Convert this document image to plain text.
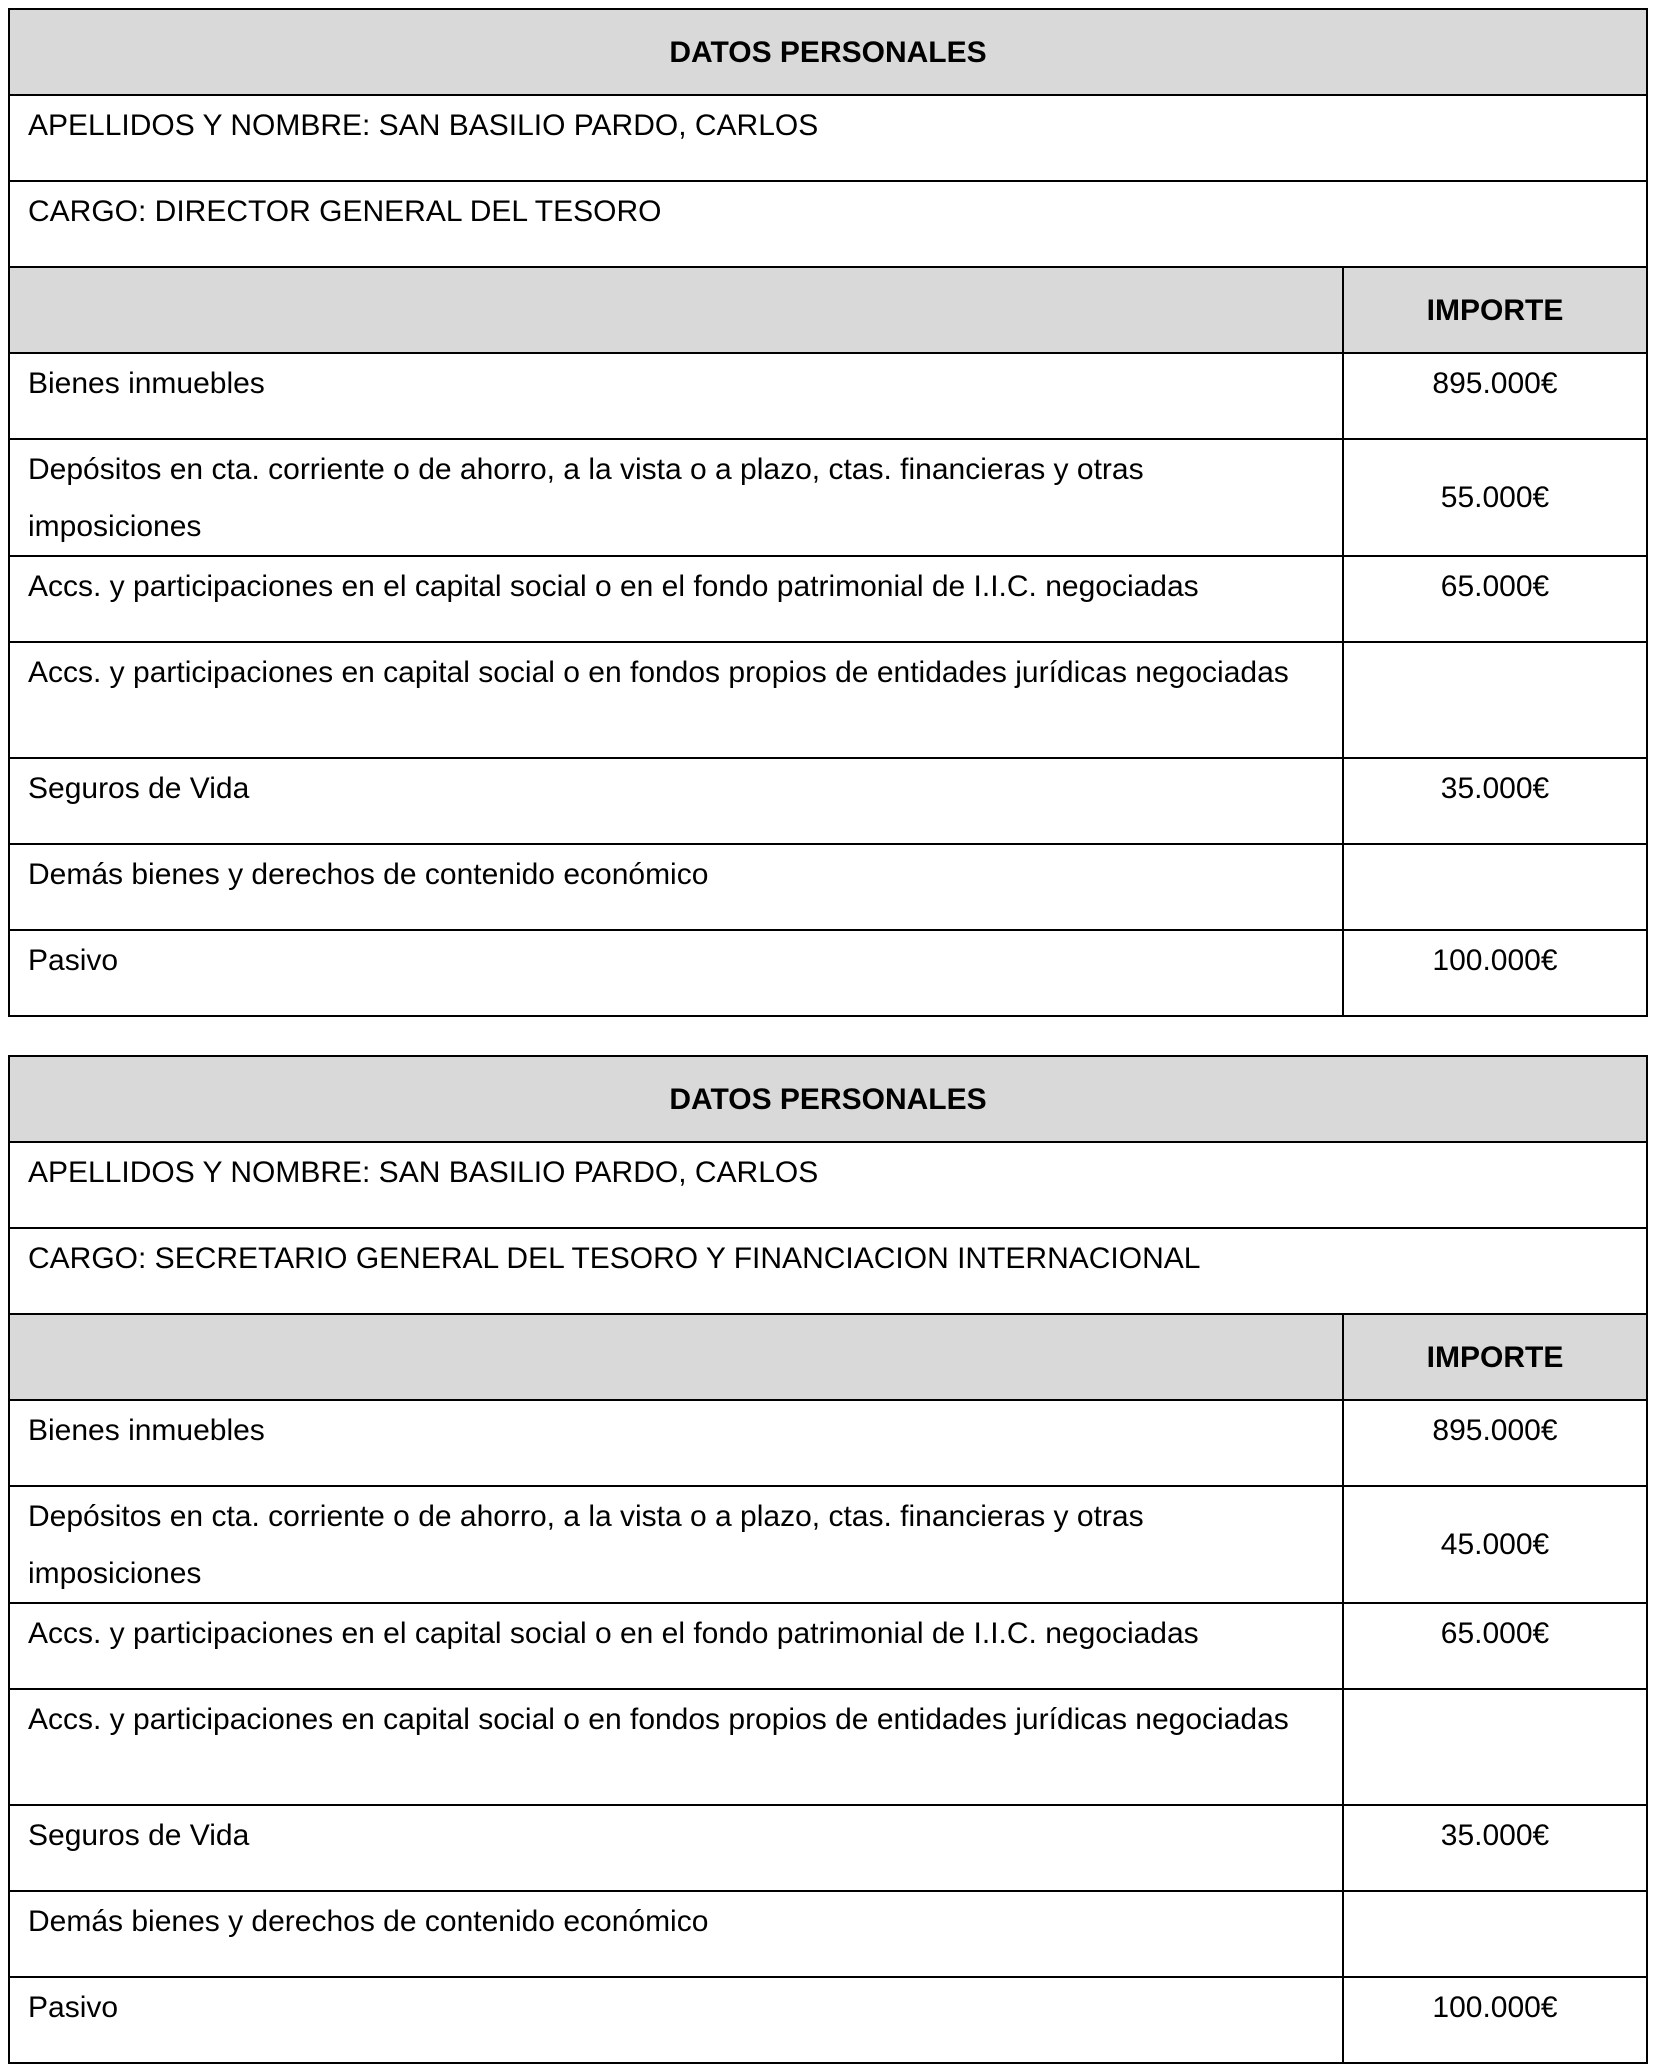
DATOS PERSONALES	
APELLIDOS Y NOMBRE: SAN BASILIO PARDO, CARLOS	
CARGO: DIRECTOR GENERAL DEL TESORO	
	IMPORTE
Bienes inmuebles	895.000€
Depósitos en cta. corriente o de ahorro, a la vista o a plazo, ctas. financieras y otras imposiciones	55.000€
Accs. y participaciones en el capital social o en el fondo patrimonial de I.I.C. negociadas	65.000€
Accs. y participaciones en capital social o en fondos propios de entidades jurídicas negociadas	
Seguros de Vida	35.000€
Demás bienes y derechos de contenido económico	
Pasivo	100.000€
DATOS PERSONALES	
APELLIDOS Y NOMBRE: SAN BASILIO PARDO, CARLOS	
CARGO: SECRETARIO GENERAL DEL TESORO Y FINANCIACION INTERNACIONAL	
	IMPORTE
Bienes inmuebles	895.000€
Depósitos en cta. corriente o de ahorro, a la vista o a plazo, ctas. financieras y otras imposiciones	45.000€
Accs. y participaciones en el capital social o en el fondo patrimonial de I.I.C. negociadas	65.000€
Accs. y participaciones en capital social o en fondos propios de entidades jurídicas negociadas	
Seguros de Vida	35.000€
Demás bienes y derechos de contenido económico	
Pasivo	100.000€
